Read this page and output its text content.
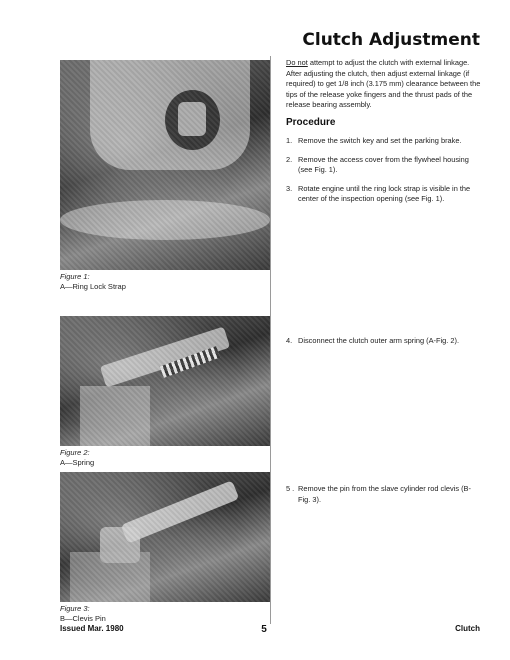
Clutch Adjustment
Figure 1:
A—Ring Lock Strap
Figure 2:
A—Spring
Figure 3:
B—Clevis Pin
Do not attempt to adjust the clutch with external linkage. After adjusting the clutch, then adjust external linkage (if required) to get 1/8 inch (3.175 mm) clearance between the tips of the release yoke fingers and the thrust pads of the release bearing assembly.
Procedure
1. Remove the switch key and set the parking brake.
2. Remove the access cover from the flywheel housing (see Fig. 1).
3. Rotate engine until the ring lock strap is visible in the center of the inspection opening (see Fig. 1).
4. Disconnect the clutch outer arm spring (A-Fig. 2).
5 . Remove the pin from the slave cylinder rod clevis (B-Fig. 3).
Issued Mar. 1980	5	Clutch
